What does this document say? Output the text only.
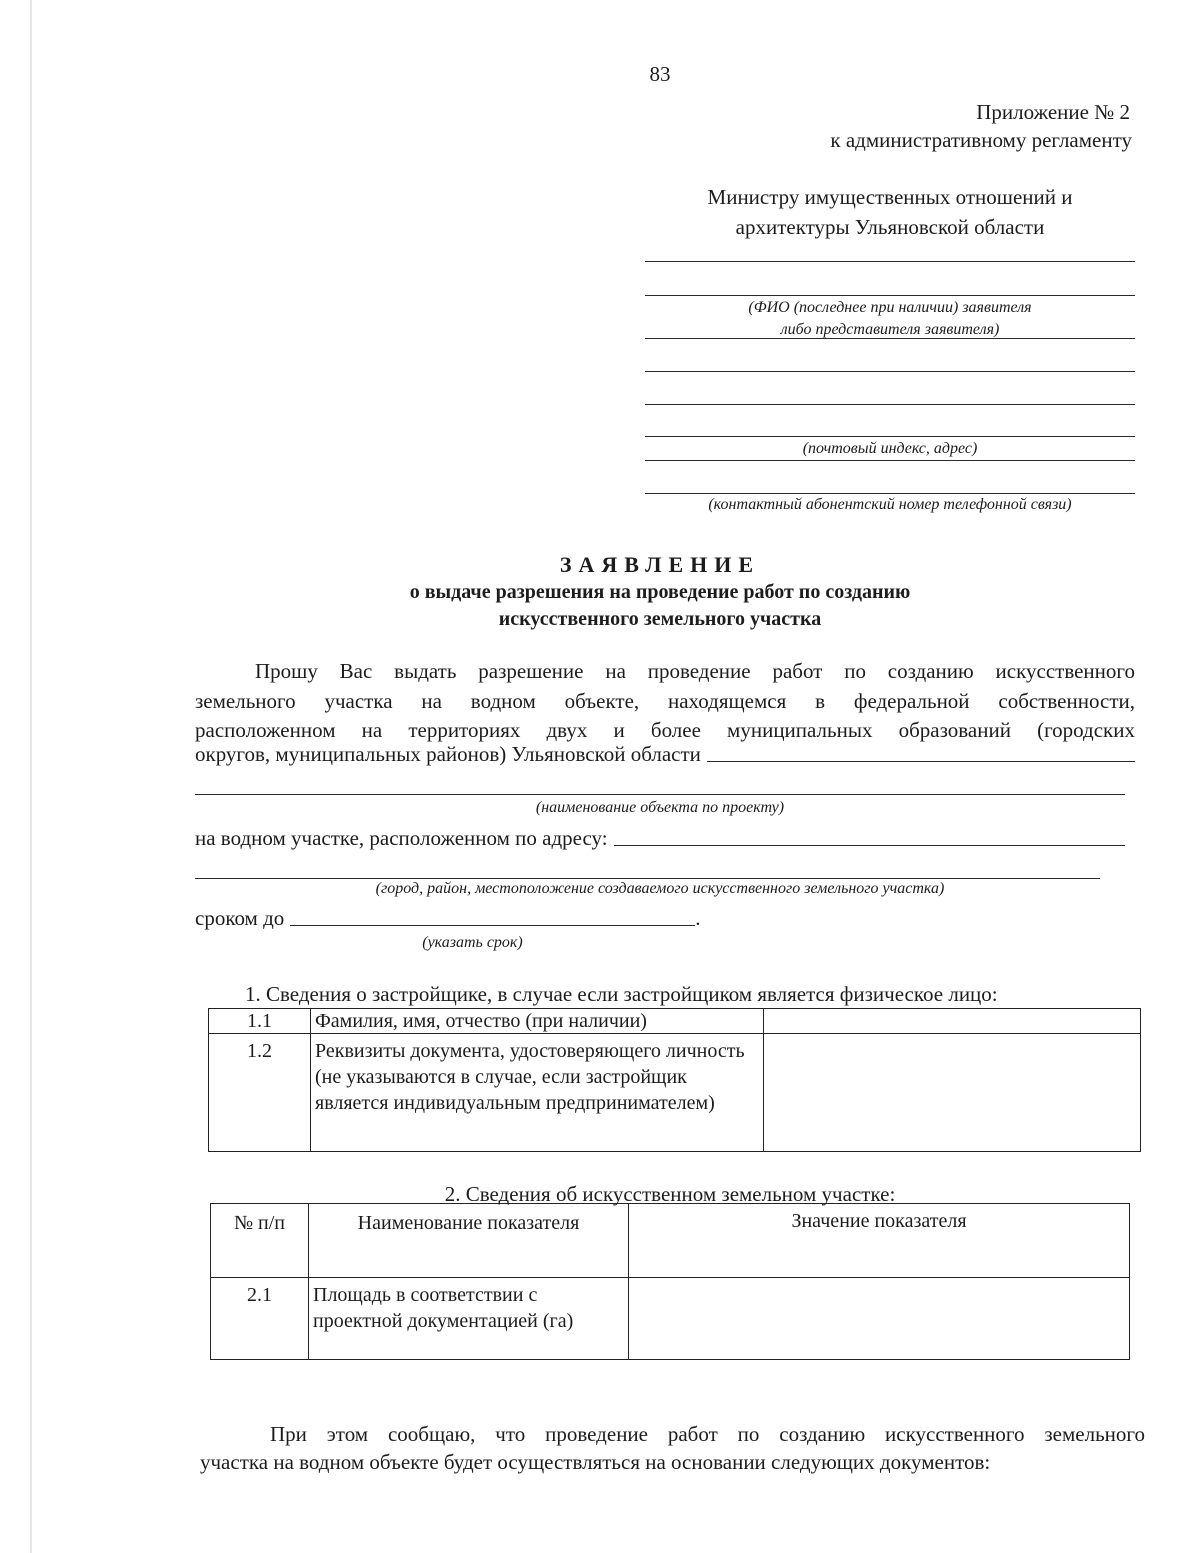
83
Приложение № 2
к административному регламенту
Министру имущественных отношений и
архитектуры Ульяновской области
(ФИО (последнее при наличии) заявителя
либо представителя заявителя)
(почтовый индекс, адрес)
(контактный абонентский номер телефонной связи)
ЗАЯВЛЕНИЕ
о выдаче разрешения на проведение работ по созданию
искусственного земельного участка
Прошу Вас выдать разрешение на проведение работ по созданию искусственного
земельного участка на водном объекте, находящемся в федеральной собственности,
расположенном на территориях двух и более муниципальных образований (городских
округов, муниципальных районов) Ульяновской области
(наименование объекта по проекту)
на водном участке, расположенном по адресу:
(город, район, местоположение создаваемого искусственного земельного участка)
сроком до	.
(указать срок)
1. Сведения о застройщике, в случае если застройщиком является физическое лицо:
1.1	Фамилия, имя, отчество (при наличии)	
1.2	Реквизиты документа, удостоверяющего личность (не указываются в случае, если застройщик является индивидуальным предпринимателем)	
2. Сведения об искусственном земельном участке:
№ п/п	Наименование показателя	Значение показателя
2.1	Площадь в соответствии с проектной документацией (га)	
При этом сообщаю, что проведение работ по созданию искусственного земельного
участка на водном объекте будет осуществляться на основании следующих документов:
